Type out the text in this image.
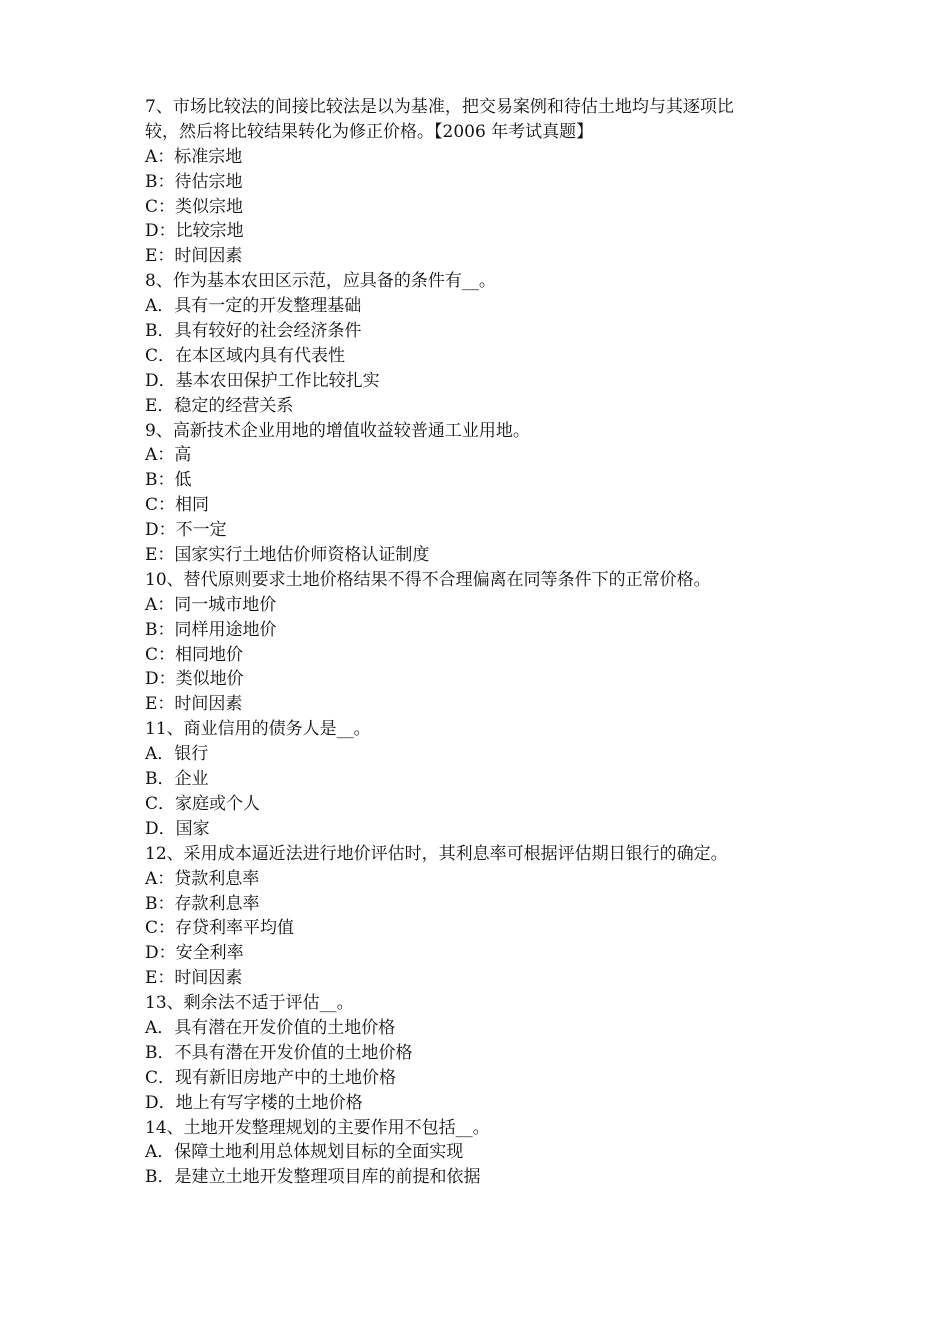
7、市场比较法的间接比较法是以为基准，把交易案例和待估土地均与其逐项比
较，然后将比较结果转化为修正价格。【2006 年考试真题】
A：标准宗地
B：待估宗地
C：类似宗地
D：比较宗地
E：时间因素
8、作为基本农田区示范，应具备的条件有__。
A．具有一定的开发整理基础
B．具有较好的社会经济条件
C．在本区域内具有代表性
D．基本农田保护工作比较扎实
E．稳定的经营关系
9、高新技术企业用地的增值收益较普通工业用地。
A：高
B：低
C：相同
D：不一定
E：国家实行土地估价师资格认证制度
10、替代原则要求土地价格结果不得不合理偏离在同等条件下的正常价格。
A：同一城市地价
B：同样用途地价
C：相同地价
D：类似地价
E：时间因素
11、商业信用的债务人是__。
A．银行
B．企业
C．家庭或个人
D．国家
12、采用成本逼近法进行地价评估时，其利息率可根据评估期日银行的确定。
A：贷款利息率
B：存款利息率
C：存贷利率平均值
D：安全利率
E：时间因素
13、剩余法不适于评估__。
A．具有潜在开发价值的土地价格
B．不具有潜在开发价值的土地价格
C．现有新旧房地产中的土地价格
D．地上有写字楼的土地价格
14、土地开发整理规划的主要作用不包括__。
A．保障土地利用总体规划目标的全面实现
B．是建立土地开发整理项目库的前提和依据
